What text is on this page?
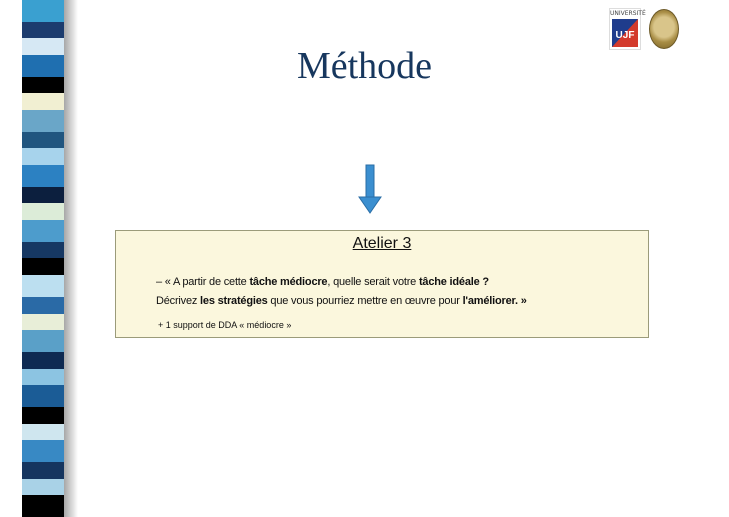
UNIVERSITÉ
UJF
Méthode
Atelier 3
– « A partir de cette tâche médiocre, quelle serait votre tâche idéale ?
Décrivez les stratégies que vous pourriez mettre en œuvre pour l'améliorer. »
+ 1 support de DDA « médiocre »
